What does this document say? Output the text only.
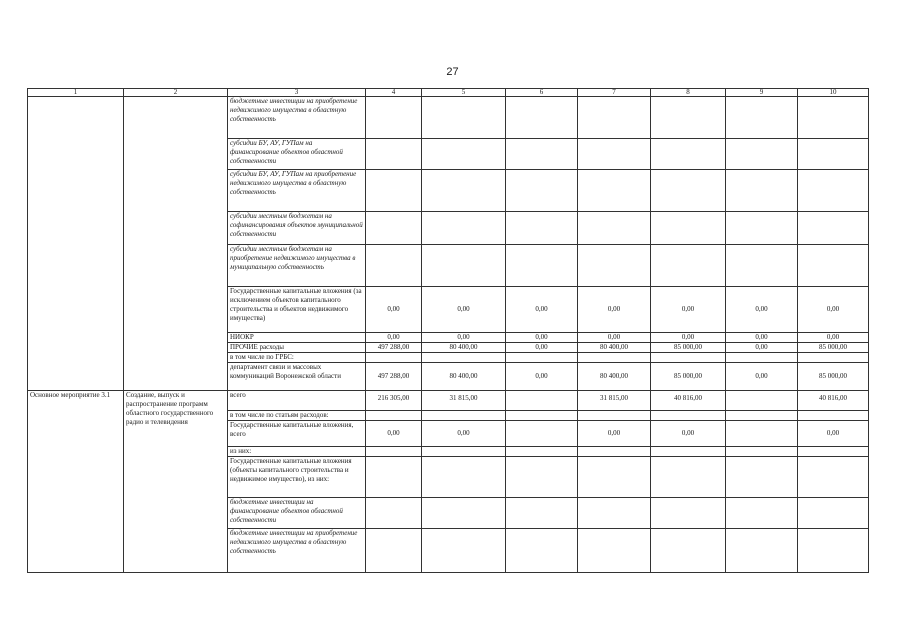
27
1	2	3	4	5	6	7	8	9	10
		бюджетные инвестиции на приобретение недвижимого имущества в областную собственность							
		субсидии БУ, АУ, ГУПам на финансирование объектов областной собственности							
		субсидии БУ, АУ, ГУПам на приобретение недвижимого имущества в областную собственность							
		субсидии местным бюджетам на софинансирования объектов муниципальной собственности							
		субсидии местным бюджетам на приобретение недвижимого имущества в муниципальную собственность							
		Государственные капитальные вложения (за исключением объектов капитального строительства и объектов недвижимого имущества)	0,00	0,00	0,00	0,00	0,00	0,00	0,00
		НИОКР	0,00	0,00	0,00	0,00	0,00	0,00	0,00
		ПРОЧИЕ расходы	497 288,00	80 400,00	0,00	80 400,00	85 000,00	0,00	85 000,00
		в том числе по ГРБС:							
		департамент связи и массовых коммуникаций Воронежской области	497 288,00	80 400,00	0,00	80 400,00	85 000,00	0,00	85 000,00
Основное мероприятие 3.1	Создание, выпуск и распространение программ областного государственного радио и телевидения	всего	216 305,00	31 815,00		31 815,00	40 816,00		40 816,00
		в том числе по статьям расходов:							
		Государственные капитальные вложения, всего	0,00	0,00		0,00	0,00		0,00
		из них:							
		Государственные капитальные вложения (объекты капитального строительства и недвижимое имущество), из них:							
		бюджетные инвестиции на финансирование объектов областной собственности							
		бюджетные инвестиции на приобретение недвижимого имущества в областную собственность							
